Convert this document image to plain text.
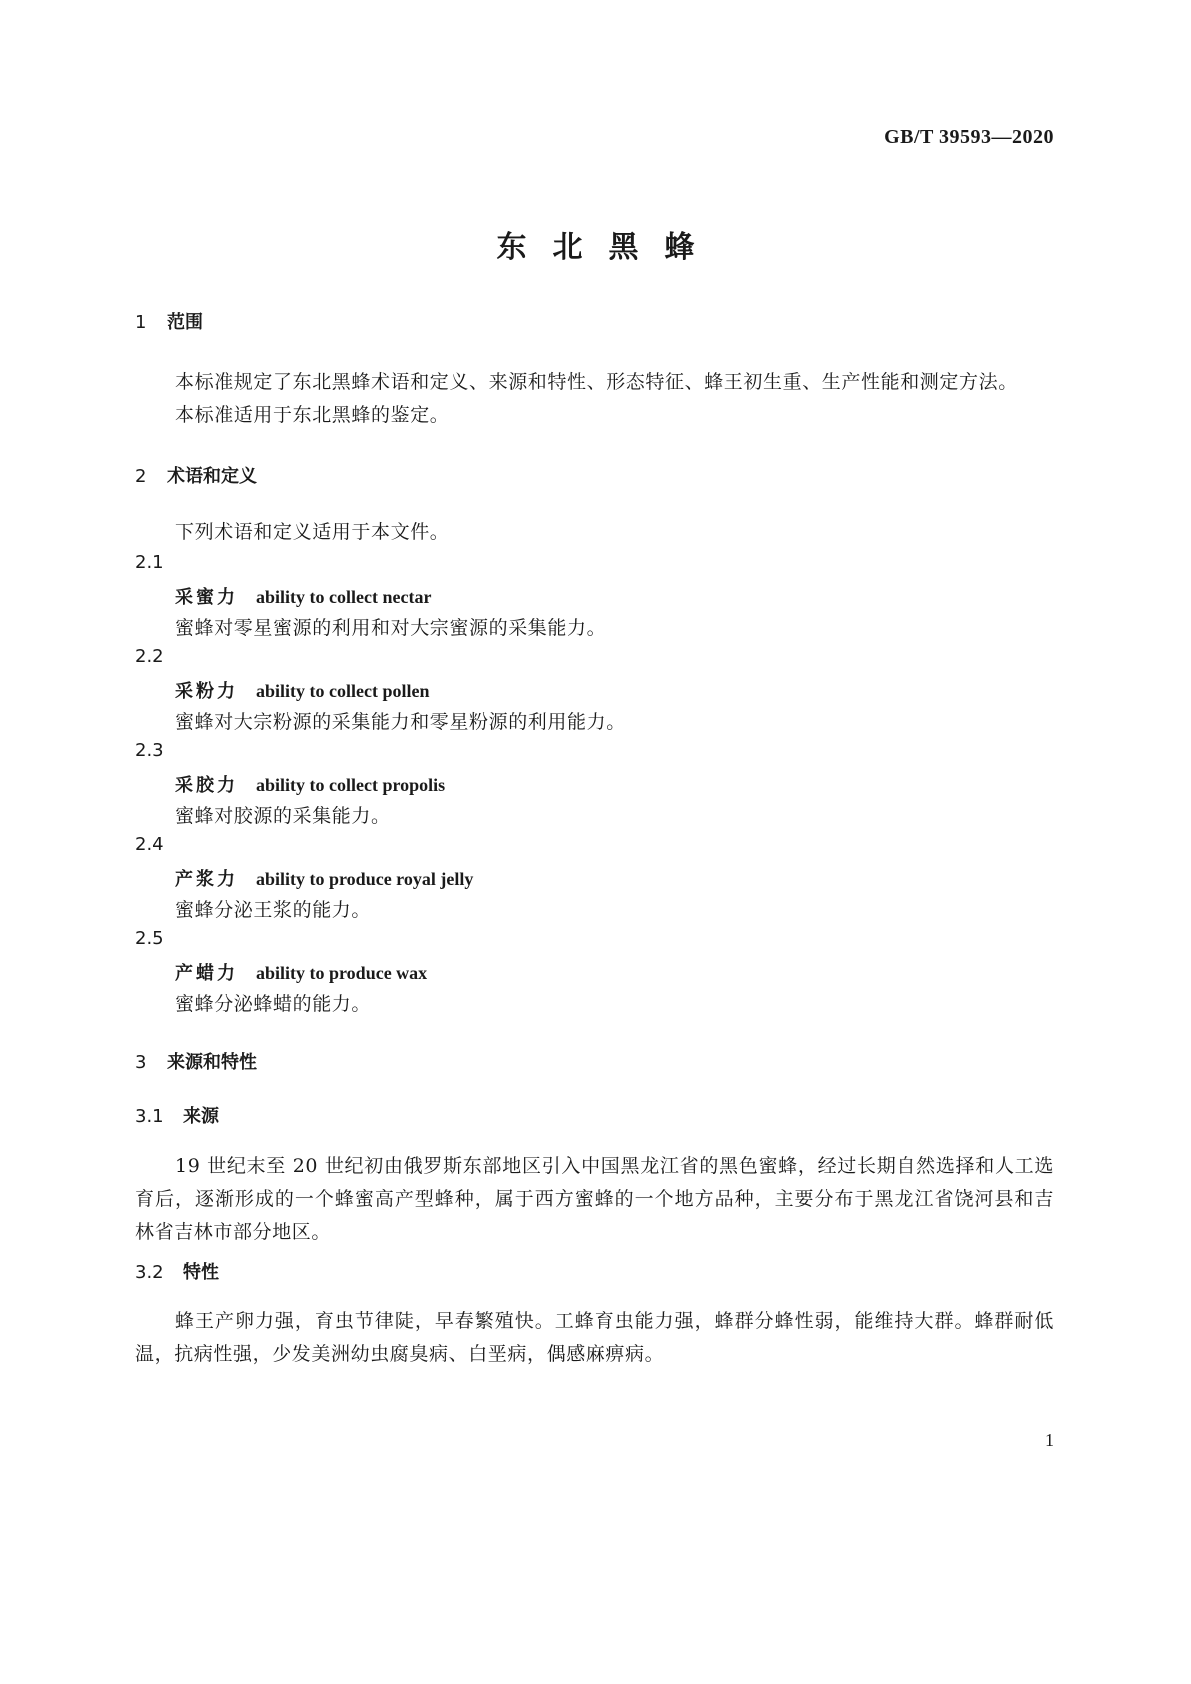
GB/T 39593—2020
东北黑蜂
1 范围
本标准规定了东北黑蜂术语和定义、来源和特性、形态特征、蜂王初生重、生产性能和测定方法。
本标准适用于东北黑蜂的鉴定。
2 术语和定义
下列术语和定义适用于本文件。
2.1
采蜜力 ability to collect nectar
蜜蜂对零星蜜源的利用和对大宗蜜源的采集能力。
2.2
采粉力 ability to collect pollen
蜜蜂对大宗粉源的采集能力和零星粉源的利用能力。
2.3
采胶力 ability to collect propolis
蜜蜂对胶源的采集能力。
2.4
产浆力 ability to produce royal jelly
蜜蜂分泌王浆的能力。
2.5
产蜡力 ability to produce wax
蜜蜂分泌蜂蜡的能力。
3 来源和特性
3.1 来源
19 世纪末至 20 世纪初由俄罗斯东部地区引入中国黑龙江省的黑色蜜蜂，经过长期自然选择和人工选育后，逐渐形成的一个蜂蜜高产型蜂种，属于西方蜜蜂的一个地方品种，主要分布于黑龙江省饶河县和吉林省吉林市部分地区。
3.2 特性
蜂王产卵力强，育虫节律陡，早春繁殖快。工蜂育虫能力强，蜂群分蜂性弱，能维持大群。蜂群耐低温，抗病性强，少发美洲幼虫腐臭病、白垩病，偶感麻痹病。
1
